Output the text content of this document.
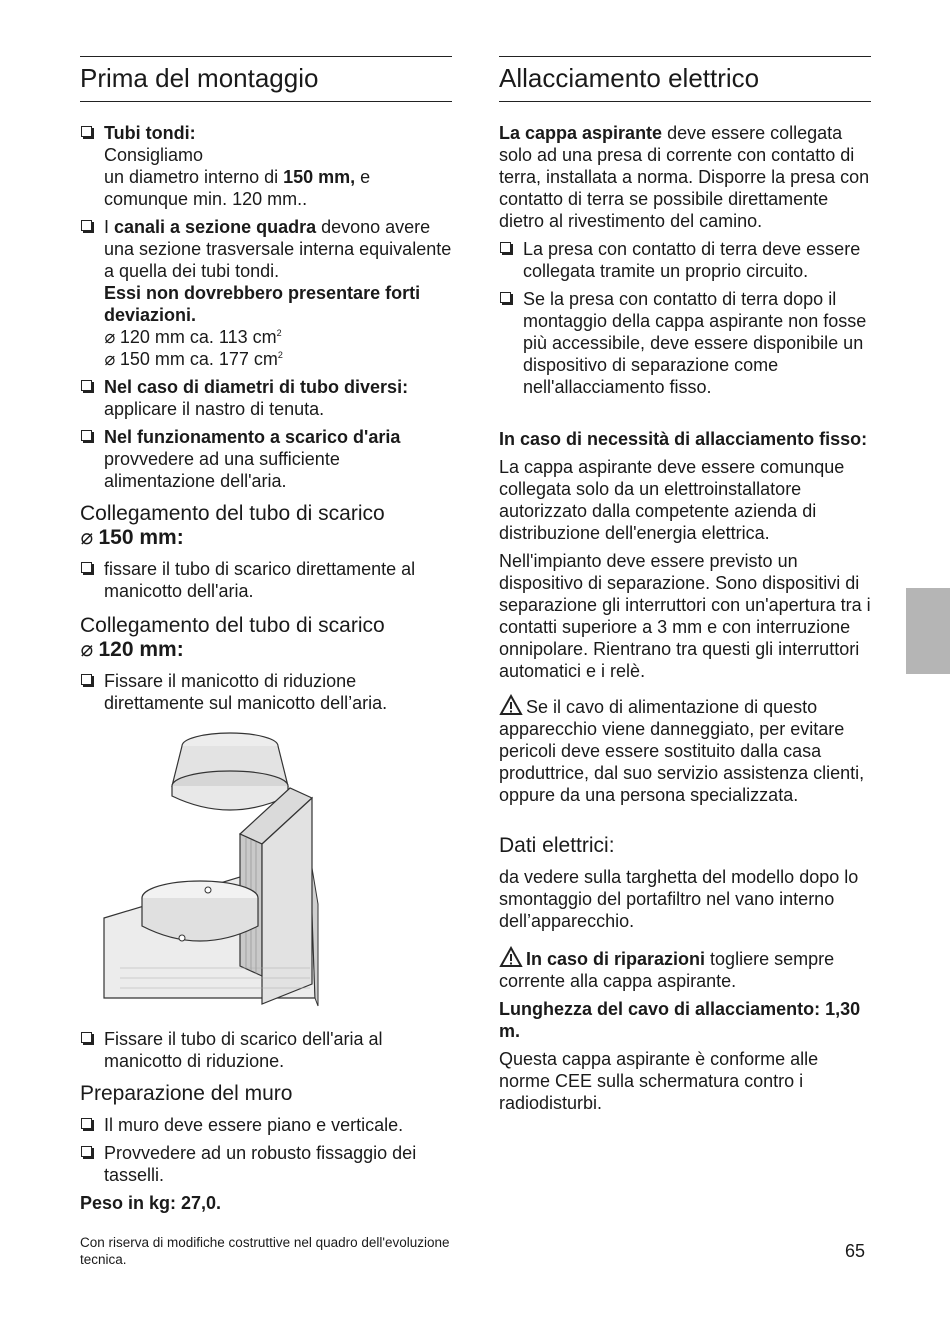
Prima del montaggio
Tubi tondi:
Consigliamo
un diametro interno di 150 mm, e
comunque min. 120 mm..
I canali a sezione quadra devono avere una sezione trasversale interna equivalente a quella dei tubi tondi.
Essi non dovrebbero presentare forti deviazioni.
⌀ 120 mm ca. 113 $cm^2$
⌀ 150 mm ca. 177 $cm^2$
Nel caso di diametri di tubo diversi:
applicare il nastro di tenuta.
Nel funzionamento a scarico d'aria
provvedere ad una sufficiente alimentazione dell'aria.
Collegamento del tubo di scarico
⌀ 150 mm:
fissare il tubo di scarico direttamente al manicotto dell'aria.
Collegamento del tubo di scarico
⌀ 120 mm:
Fissare il manicotto di riduzione direttamente sul manicotto dell’aria.
Fissare il tubo di scarico dell'aria al manicotto di riduzione.
Preparazione del muro
Il muro deve essere piano e verticale.
Provvedere ad un robusto fissaggio dei tasselli.

Peso in kg: 27,0.

Con riserva di modifiche costruttive nel quadro dell'evoluzione tecnica.
Allacciamento elettrico

La cappa aspirante deve essere collegata solo ad una presa di corrente con contatto di terra, installata a norma. Disporre la presa con contatto di terra se possibile direttamente dietro al rivestimento del camino.

La presa con contatto di terra deve essere collegata tramite un proprio circuito.
Se la presa con contatto di terra dopo il montaggio della cappa aspirante non fosse più accessibile, deve essere disponibile un dispositivo di separazione come nell'allacciamento fisso.

In caso di necessità di allacciamento fisso:

La cappa aspirante deve essere comunque collegata solo da un elettroinstallatore autorizzato dalla competente azienda di distribuzione dell'energia elettrica.

Nell'impianto deve essere previsto un dispositivo di separazione. Sono dispositivi di separazione gli interruttori con un'apertura tra i contatti superiore a 3 mm e con interruzione onnipolare. Rientrano tra questi gli interruttori automatici e i relè.

Se il cavo di alimentazione di questo apparecchio viene danneggiato, per evitare pericoli deve essere sostituito dalla casa produttrice, dal suo servizio assistenza clienti, oppure da una persona specializzata.

Dati elettrici:

da vedere sulla targhetta del modello dopo lo smontaggio del portafiltro nel vano interno dell’apparecchio.

In caso di riparazioni togliere sempre corrente alla cappa aspirante.

Lunghezza del cavo di allacciamento: 1,30 m.

Questa cappa aspirante è conforme alle norme CEE sulla schermatura contro i radiodisturbi.

65
